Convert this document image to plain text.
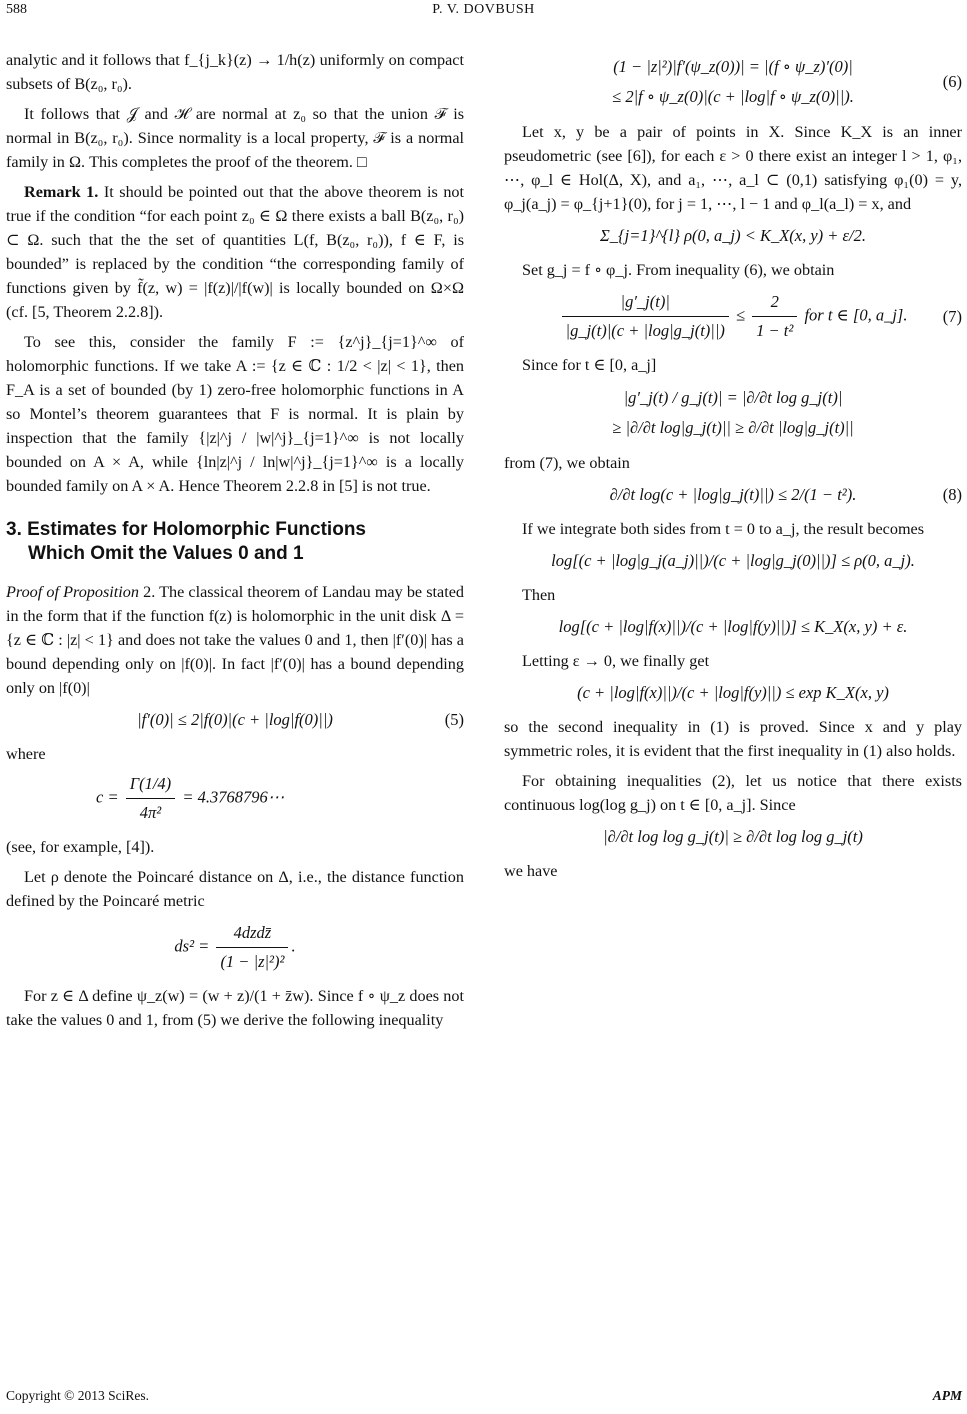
588	P. V. DOVBUSH

analytic and it follows that f_{j_k}(z) → 1/h(z) uniformly on compact subsets of B(z₀, r₀).

It follows that 𝒥 and ℋ are normal at z₀ so that the union ℱ is normal in B(z₀, r₀). Since normality is a local property, ℱ is a normal family in Ω. This completes the proof of the theorem. □

Remark 1. It should be pointed out that the above theorem is not true if the condition “for each point z₀ ∈ Ω there exists a ball B(z₀, r₀) ⊂ Ω. such that the the set of quantities L(f, B(z₀, r₀)), f ∈ F, is bounded” is replaced by the condition “the corresponding family of functions given by f̃(z, w) = |f(z)|/|f(w)| is locally bounded on Ω×Ω (cf. [5, Theorem 2.2.8]).

To see this, consider the family F := {z^j}_{j=1}^∞ of holomorphic functions. If we take A := {z ∈ ℂ : 1/2 < |z| < 1}, then F_A is a set of bounded (by 1) zero-free holomorphic functions in A so Montel’s theorem guarantees that F is normal. It is plain by inspection that the family {|z|^j / |w|^j}_{j=1}^∞ is not locally bounded on A × A, while {ln|z|^j / ln|w|^j}_{j=1}^∞ is a locally bounded family on A × A. Hence Theorem 2.2.8 in [5] is not true.

3. Estimates for Holomorphic Functions
Which Omit the Values 0 and 1

Proof of Proposition 2. The classical theorem of Landau may be stated in the form that if the function f(z) is holomorphic in the unit disk Δ = {z ∈ ℂ : |z| < 1} and does not take the values 0 and 1, then |f′(0)| has a bound depending only on |f(0)|. In fact |f′(0)| has a bound depending only on |f(0)|

|f′(0)| ≤ 2|f(0)|(c + |log|f(0)||)	(5)

where

$c = \frac{\Gamma(1/4)}{\text{4π²}}$ = 4.3768796⋯

(see, for example, [4]).

Let ρ denote the Poincaré distance on Δ, i.e., the distance function defined by the Poincaré metric

$ds^2 = \frac{\text{4dzdz̄}}{\text{(1 − |z|²)²}}$ .

For z ∈ Δ define ψ_z(w) = (w + z)/(1 + z̄w). Since f ∘ ψ_z does not take the values 0 and 1, from (5) we derive the following inequality

(1 − |z|²)|f′(ψ_z(0))| = |(f ∘ ψ_z)′(0)|
≤ 2|f ∘ ψ_z(0)|(c + |log|f ∘ ψ_z(0)||).
(6)

Let x, y be a pair of points in X. Since K_X is an inner pseudometric (see [6]), for each ε > 0 there exist an integer l > 1, φ₁, ⋯, φ_l ∈ Hol(Δ, X), and a₁, ⋯, a_l ⊂ (0,1) satisfying φ₁(0) = y, φ_j(a_j) = φ_{j+1}(0), for j = 1, ⋯, l − 1 and φ_l(a_l) = x, and

Σ_{j=1}^{l} ρ(0, a_j) < K_X(x, y) + ε/2.

Set g_j = f ∘ φ_j. From inequality (6), we obtain

$\frac{|g'\_j(t)|}{|g\_j(t)|(c + |\log|g\_j(t)||)} \le \frac{2}{\text{1 − t²}}$ for t ∈ [0, a_j]. (7)

Since for t ∈ [0, a_j]

|g′_j(t) / g_j(t)| = |∂/∂t log g_j(t)|
≥ |∂/∂t log|g_j(t)|| ≥ ∂/∂t |log|g_j(t)||

from (7), we obtain

∂/∂t log(c + |log|g_j(t)||) ≤ 2/(1 − t²).	(8)

If we integrate both sides from t = 0 to a_j, the result becomes

log[(c + |log|g_j(a_j)||)/(c + |log|g_j(0)||)] ≤ ρ(0, a_j).

Then

log[(c + |log|f(x)||)/(c + |log|f(y)||)] ≤ K_X(x, y) + ε.

Letting ε → 0, we finally get

(c + |log|f(x)||)/(c + |log|f(y)||) ≤ exp K_X(x, y)

so the second inequality in (1) is proved. Since x and y play symmetric roles, it is evident that the first inequality in (1) also holds.

For obtaining inequalities (2), let us notice that there exists continuous log(log g_j) on t ∈ [0, a_j]. Since

|∂/∂t log log g_j(t)| ≥ ∂/∂t log log g_j(t)

we have

Copyright © 2013 SciRes.	APM
